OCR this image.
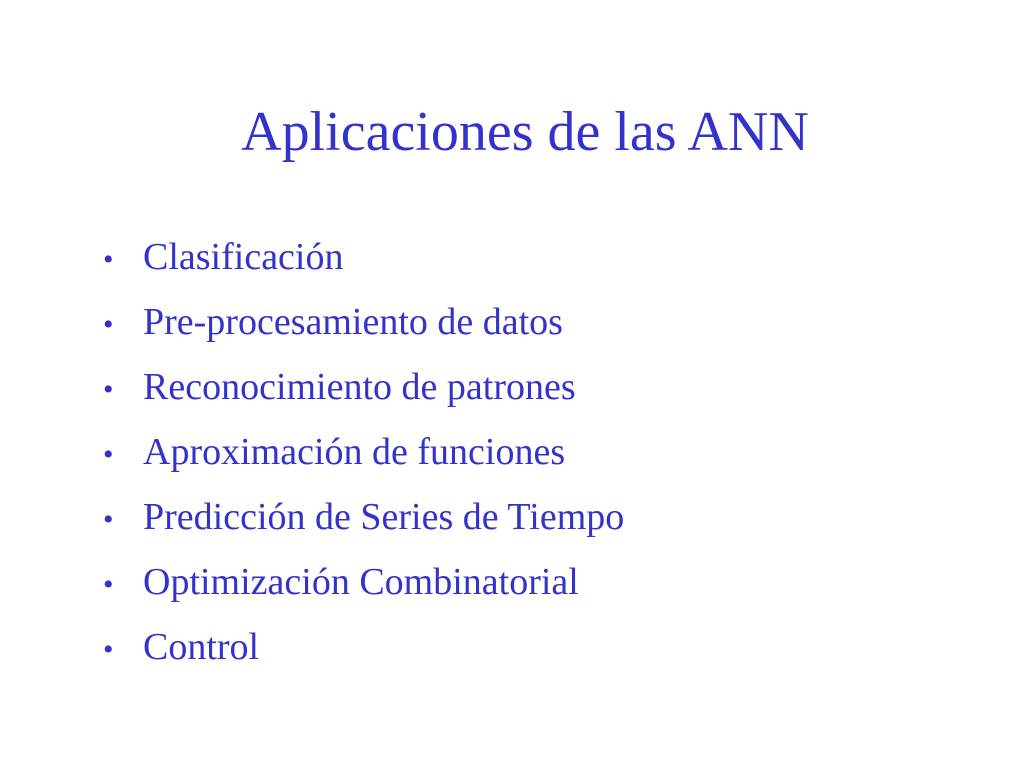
Aplicaciones de las ANN
• Clasificación
• Pre-procesamiento de datos
• Reconocimiento de patrones
• Aproximación de funciones
• Predicción de Series de Tiempo
• Optimización Combinatorial
• Control
